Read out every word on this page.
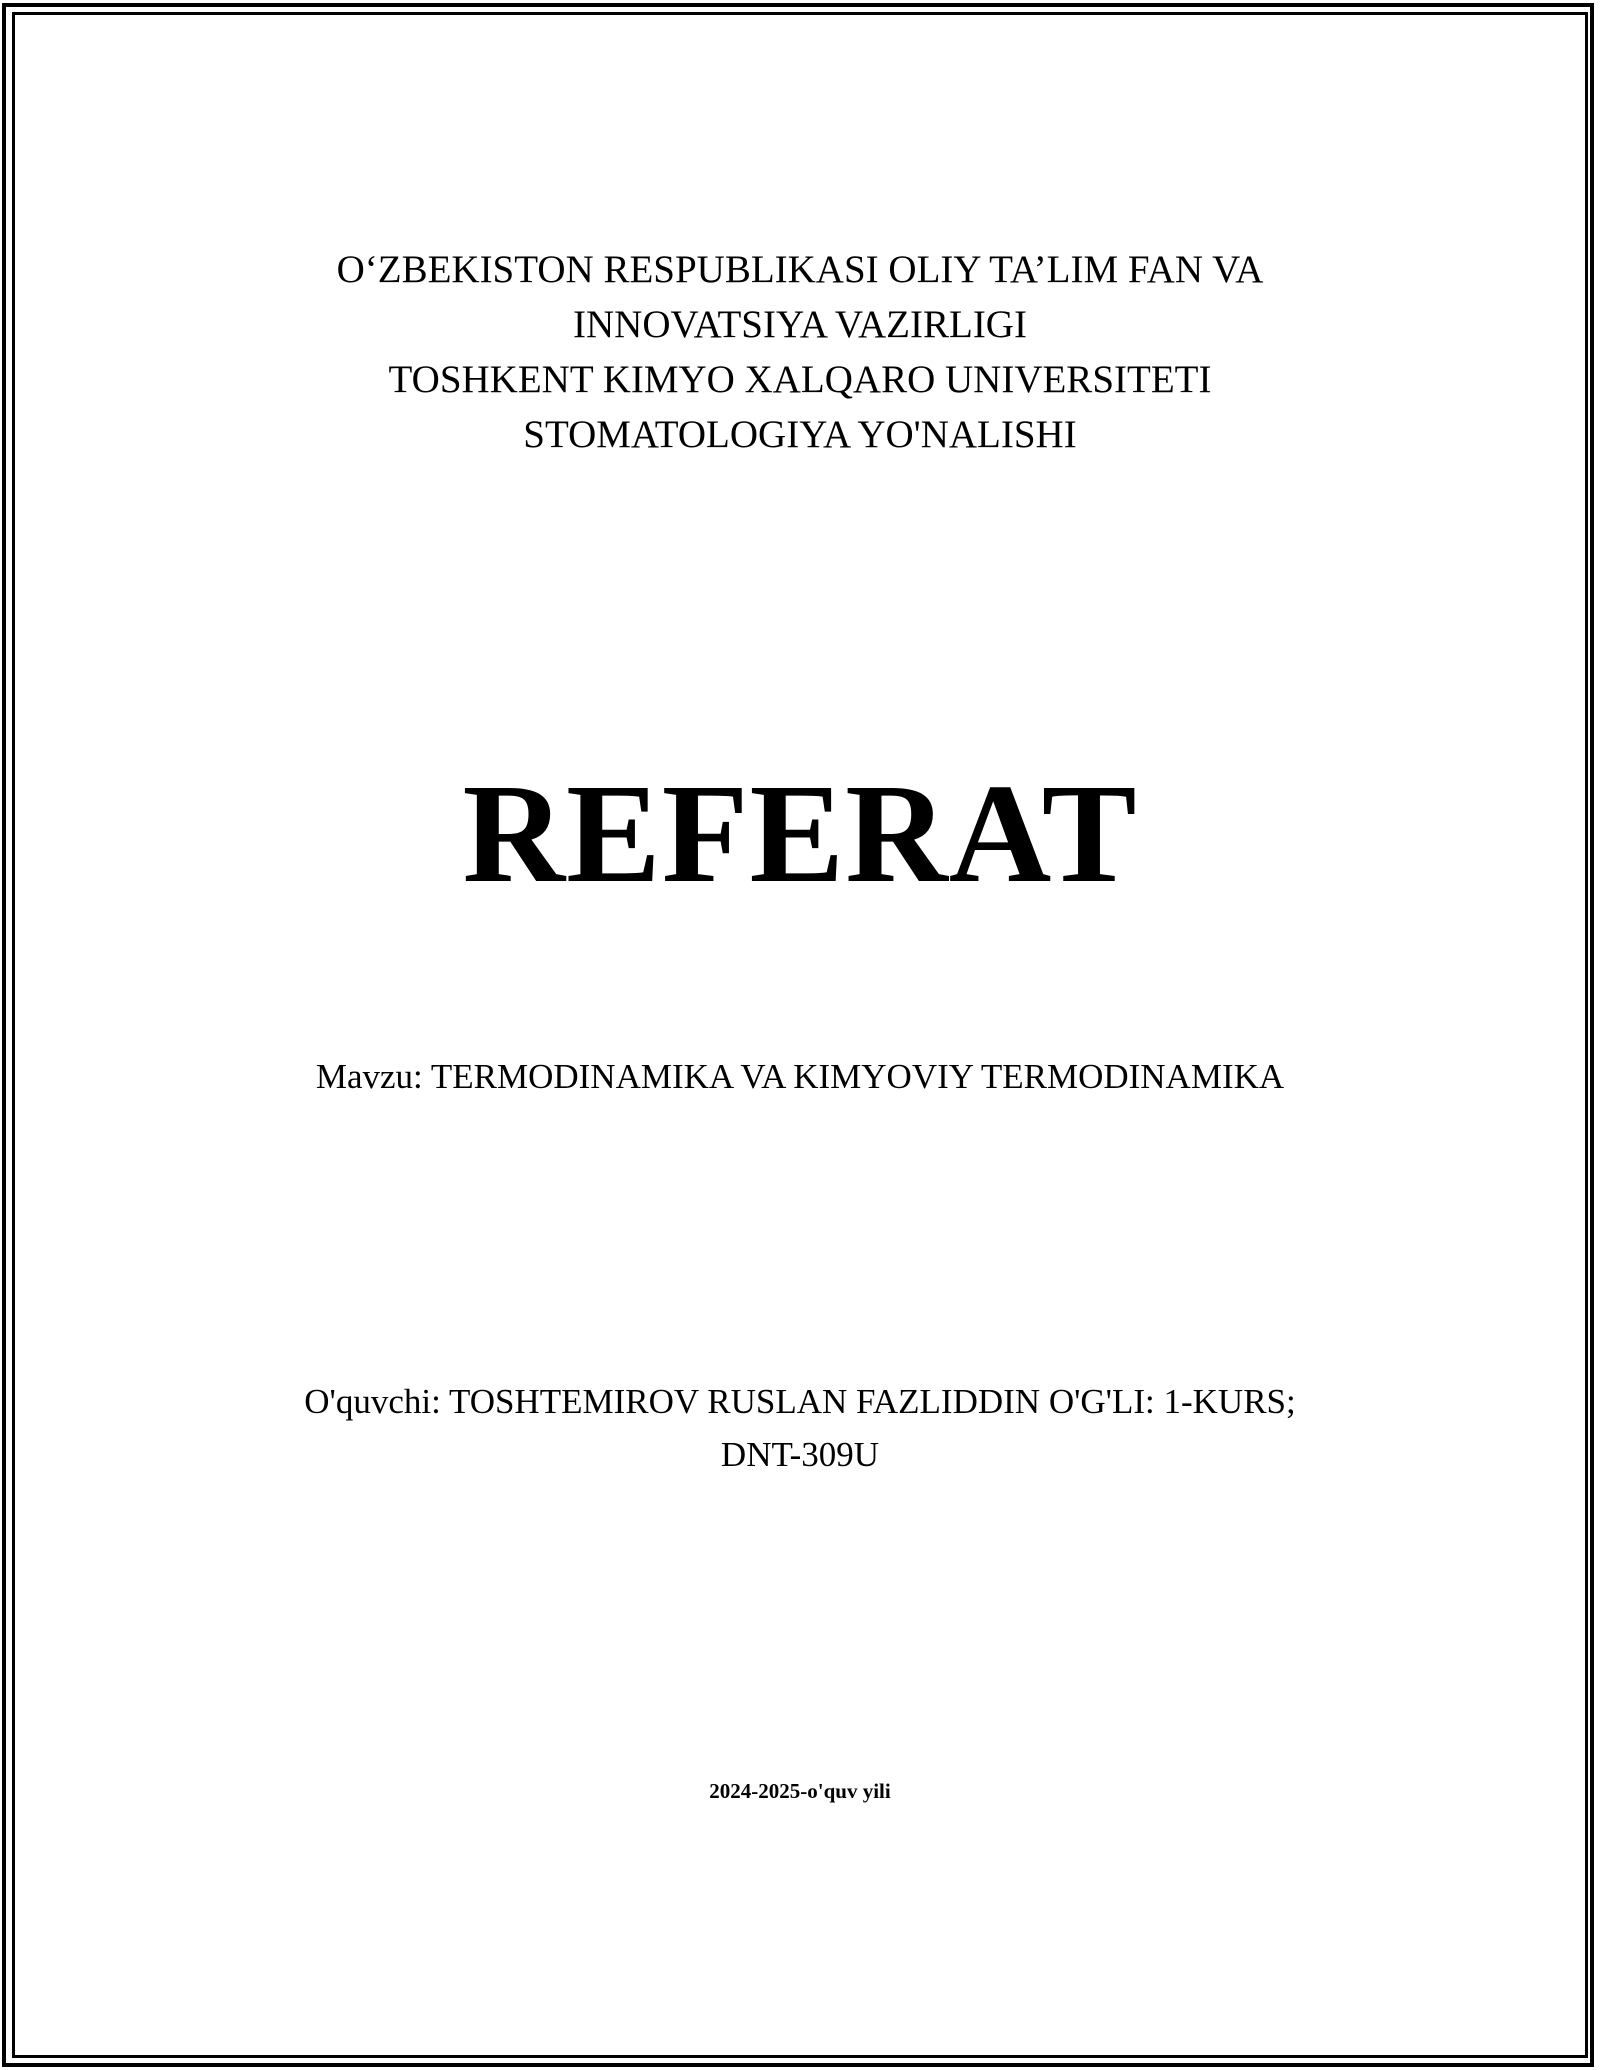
O‘ZBEKISTON RESPUBLIKASI OLIY TA’LIM FAN VA
INNOVATSIYA VAZIRLIGI
TOSHKENT KIMYO XALQARO UNIVERSITETI
STOMATOLOGIYA YO'NALISHI
REFERAT
Mavzu: TERMODINAMIKA VA KIMYOVIY TERMODINAMIKA
O'quvchi: TOSHTEMIROV RUSLAN FAZLIDDIN O'G'LI: 1-KURS;
DNT-309U
2024-2025-o'quv yili
